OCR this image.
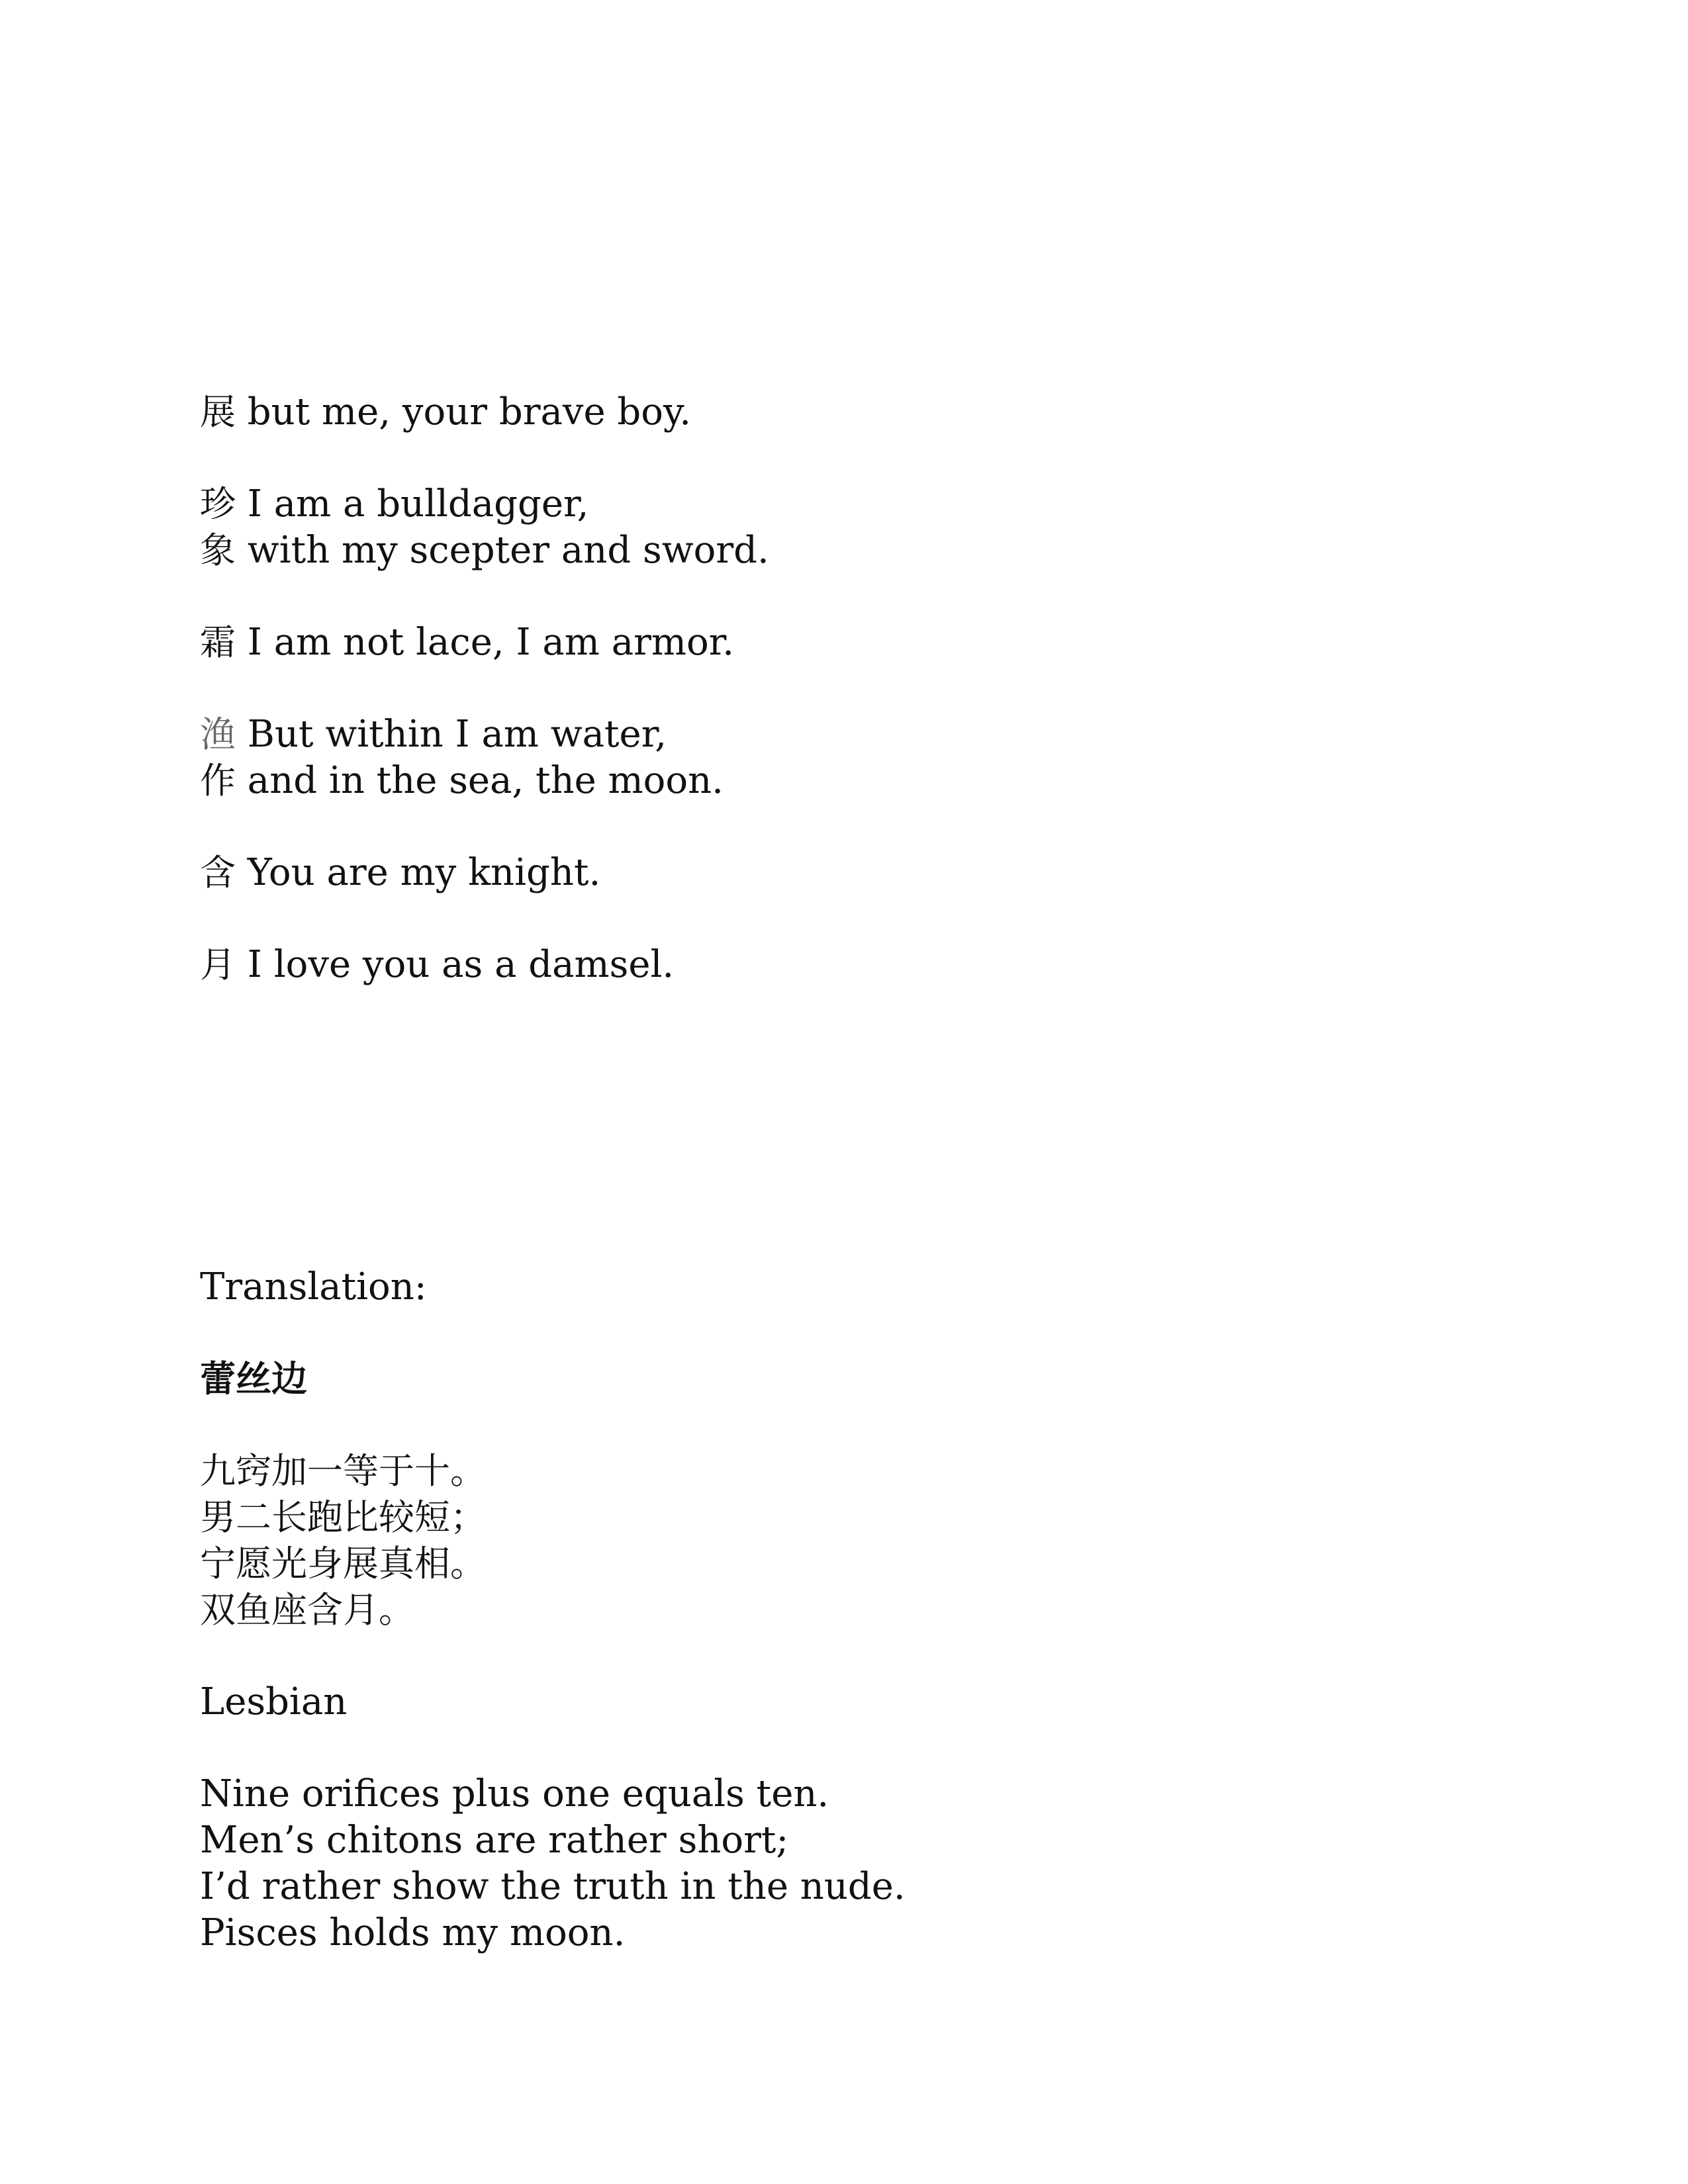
展 but me, your brave boy.
珍 I am a bulldagger,
象 with my scepter and sword.
霜 I am not lace, I am armor.
渔 But within I am water,
作 and in the sea, the moon.
含 You are my knight.
月 I love you as a damsel.
Translation:
蕾丝边
九窍加一等于十。
男二长跑比较短；
宁愿光身展真相。
双鱼座含月。
Lesbian
Nine orifices plus one equals ten.
Men’s chitons are rather short;
I’d rather show the truth in the nude.
Pisces holds my moon.
